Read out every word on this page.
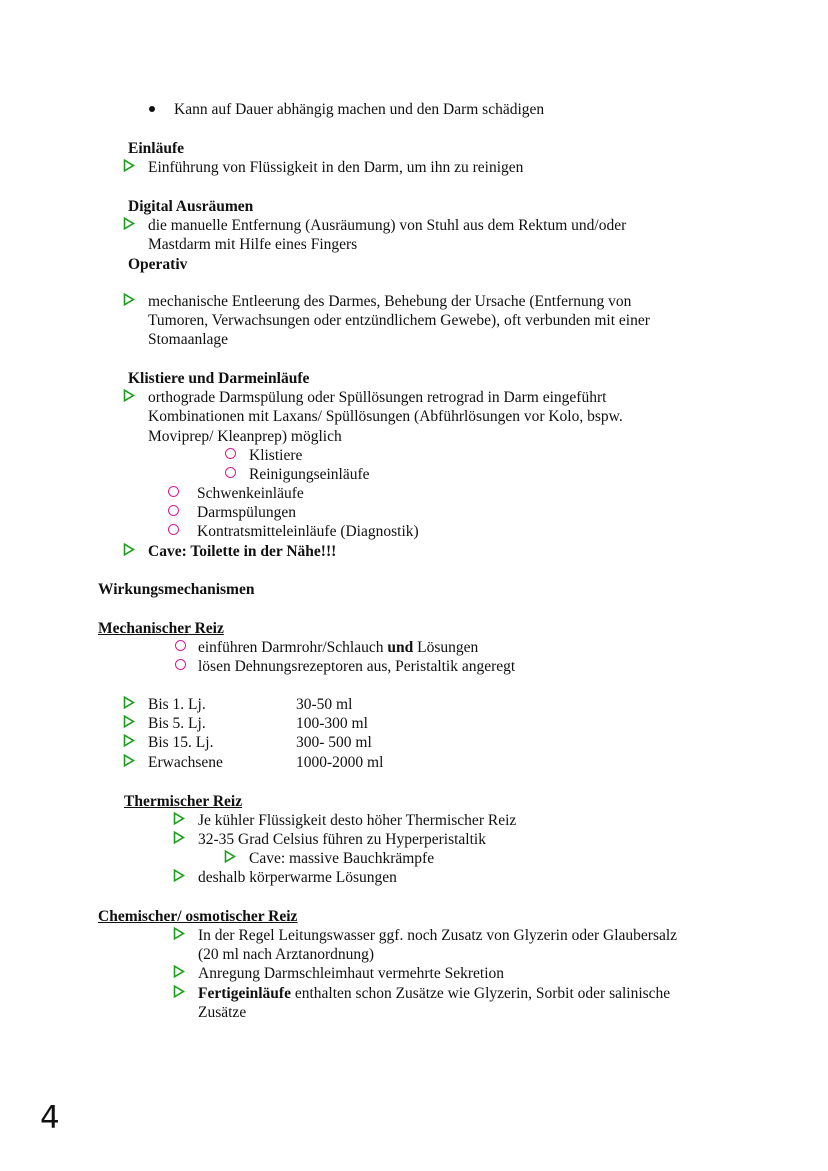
Kann auf Dauer abhängig machen und den Darm schädigen
Einläufe
Einführung von Flüssigkeit in den Darm, um ihn zu reinigen
Digital Ausräumen
die manuelle Entfernung (Ausräumung) von Stuhl aus dem Rektum und/oder
Mastdarm mit Hilfe eines Fingers
Operativ
mechanische Entleerung des Darmes, Behebung der Ursache (Entfernung von
Tumoren, Verwachsungen oder entzündlichem Gewebe), oft verbunden mit einer
Stomaanlage
Klistiere und Darmeinläufe
orthograde Darmspülung oder Spüllösungen retrograd in Darm eingeführt
Kombinationen mit Laxans/ Spüllösungen (Abführlösungen vor Kolo, bspw.
Moviprep/ Kleanprep) möglich
Klistiere
Reinigungseinläufe
Schwenkeinläufe
Darmspülungen
Kontratsmitteleinläufe (Diagnostik)
Cave: Toilette in der Nähe!!!
Wirkungsmechanismen
Mechanischer Reiz
einführen Darmrohr/Schlauch und Lösungen
lösen Dehnungsrezeptoren aus, Peristaltik angeregt
Bis 1. Lj.	30-50 ml
Bis 5. Lj.	100-300 ml
Bis 15. Lj.	300- 500 ml
Erwachsene	1000-2000 ml
Thermischer Reiz
Je kühler Flüssigkeit desto höher Thermischer Reiz
32-35 Grad Celsius führen zu Hyperperistaltik
Cave: massive Bauchkrämpfe
deshalb körperwarme Lösungen
Chemischer/ osmotischer Reiz
In der Regel Leitungswasser ggf. noch Zusatz von Glyzerin oder Glaubersalz
(20 ml nach Arztanordnung)
Anregung Darmschleimhaut vermehrte Sekretion
Fertigeinläufe enthalten schon Zusätze wie Glyzerin, Sorbit oder salinische
Zusätze
4
